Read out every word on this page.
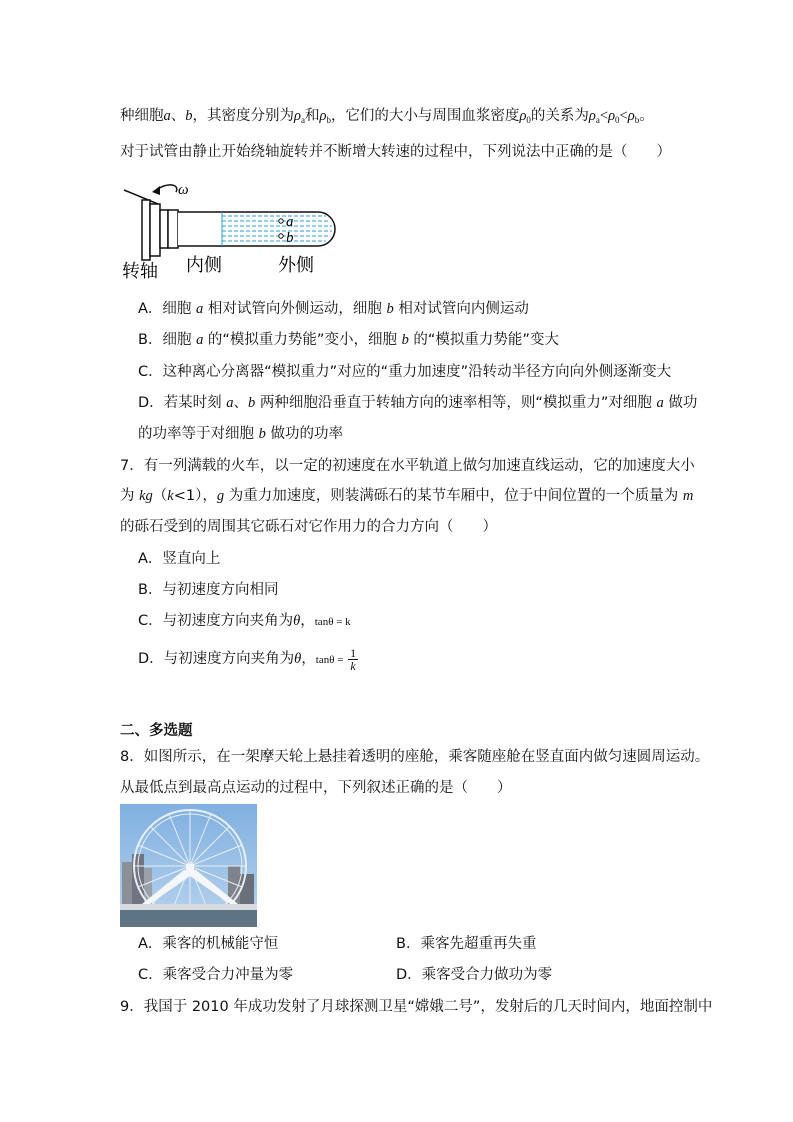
种细胞a、b，其密度分别为$\rho_a$和$\rho_b$，它们的大小与周围血浆密度$\rho_0$的关系为$\rho_a<\rho_0<\rho_b$。
对于试管由静止开始绕轴旋转并不断增大转速的过程中，下列说法中正确的是（　　）
ω
a
b
转轴 内侧	外侧
A．细胞 a 相对试管向外侧运动，细胞 b 相对试管向内侧运动
B．细胞 a 的“模拟重力势能”变小，细胞 b 的“模拟重力势能”变大
C．这种离心分离器“模拟重力”对应的“重力加速度”沿转动半径方向向外侧逐渐变大
D．若某时刻 a、b 两种细胞沿垂直于转轴方向的速率相等，则“模拟重力”对细胞 a 做功
的功率等于对细胞 b 做功的功率
7．有一列满载的火车，以一定的初速度在水平轨道上做匀加速直线运动，它的加速度大小
为 kg（k<1），g 为重力加速度，则装满砾石的某节车厢中，位于中间位置的一个质量为 m
的砾石受到的周围其它砾石对它作用力的合力方向（　　）
A．竖直向上
B．与初速度方向相同
C．与初速度方向夹角为θ，tanθ = k
D．与初速度方向夹角为θ，$\tan\theta = \frac{1}{k}$
二、多选题
8．如图所示，在一架摩天轮上悬挂着透明的座舱，乘客随座舱在竖直面内做匀速圆周运动。
从最低点到最高点运动的过程中，下列叙述正确的是（　　）
A．乘客的机械能守恒	B．乘客先超重再失重
C．乘客受合力冲量为零	D．乘客受合力做功为零
9．我国于 2010 年成功发射了月球探测卫星“嫦娥二号”，发射后的几天时间内，地面控制中
